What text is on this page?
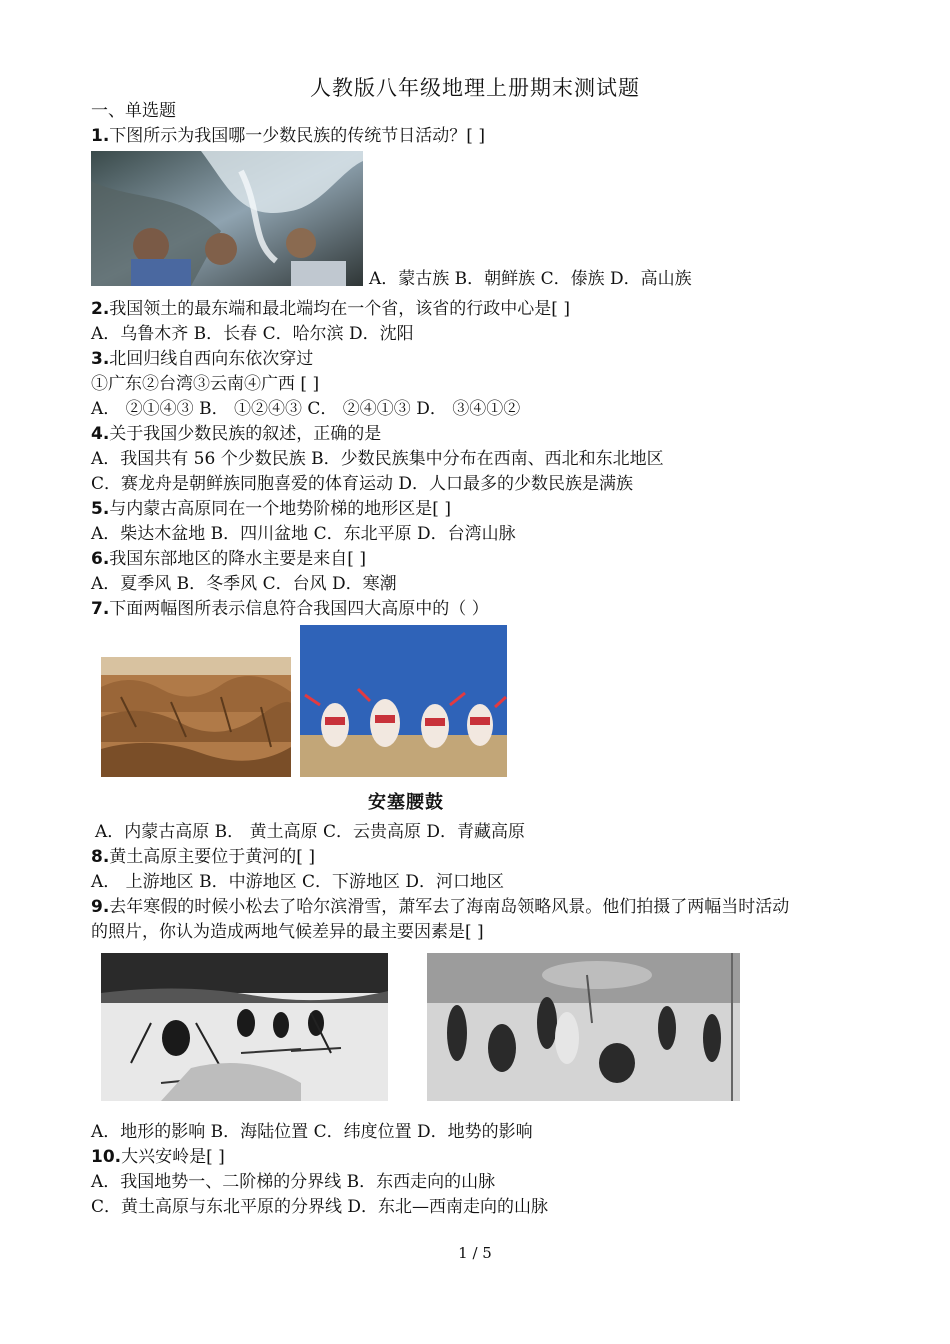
人教版八年级地理上册期末测试题
一、单选题
1.下图所示为我国哪一少数民族的传统节日活动？[ ]
A．蒙古族 B．朝鲜族 C．傣族 D．高山族
2.我国领土的最东端和最北端均在一个省，该省的行政中心是[ ]
A．乌鲁木齐 B．长春 C．哈尔滨 D．沈阳
3.北回归线自西向东依次穿过
①广东②台湾③云南④广西 [ ]
A． ②①④③ B． ①②④③ C． ②④①③ D． ③④①②
4.关于我国少数民族的叙述，正确的是
A．我国共有 56 个少数民族 B．少数民族集中分布在西南、西北和东北地区
C．赛龙舟是朝鲜族同胞喜爱的体育运动 D．人口最多的少数民族是满族
5.与内蒙古高原同在一个地势阶梯的地形区是[ ]
A．柴达木盆地 B．四川盆地 C．东北平原 D．台湾山脉
6.我国东部地区的降水主要是来自[ ]
A．夏季风 B．冬季风 C．台风 D．寒潮
7.下面两幅图所表示信息符合我国四大高原中的（ ）
安塞腰鼓
A．内蒙古高原 B． 黄土高原 C．云贵高原 D．青藏高原
8.黄土高原主要位于黄河的[ ]
A． 上游地区 B．中游地区 C．下游地区 D．河口地区
9.去年寒假的时候小松去了哈尔滨滑雪，萧军去了海南岛领略风景。他们拍摄了两幅当时活动
的照片，你认为造成两地气候差异的最主要因素是[ ]
A．地形的影响 B．海陆位置 C．纬度位置 D．地势的影响
10.大兴安岭是[ ]
A．我国地势一、二阶梯的分界线 B．东西走向的山脉
C．黄土高原与东北平原的分界线 D．东北—西南走向的山脉
1 / 5
